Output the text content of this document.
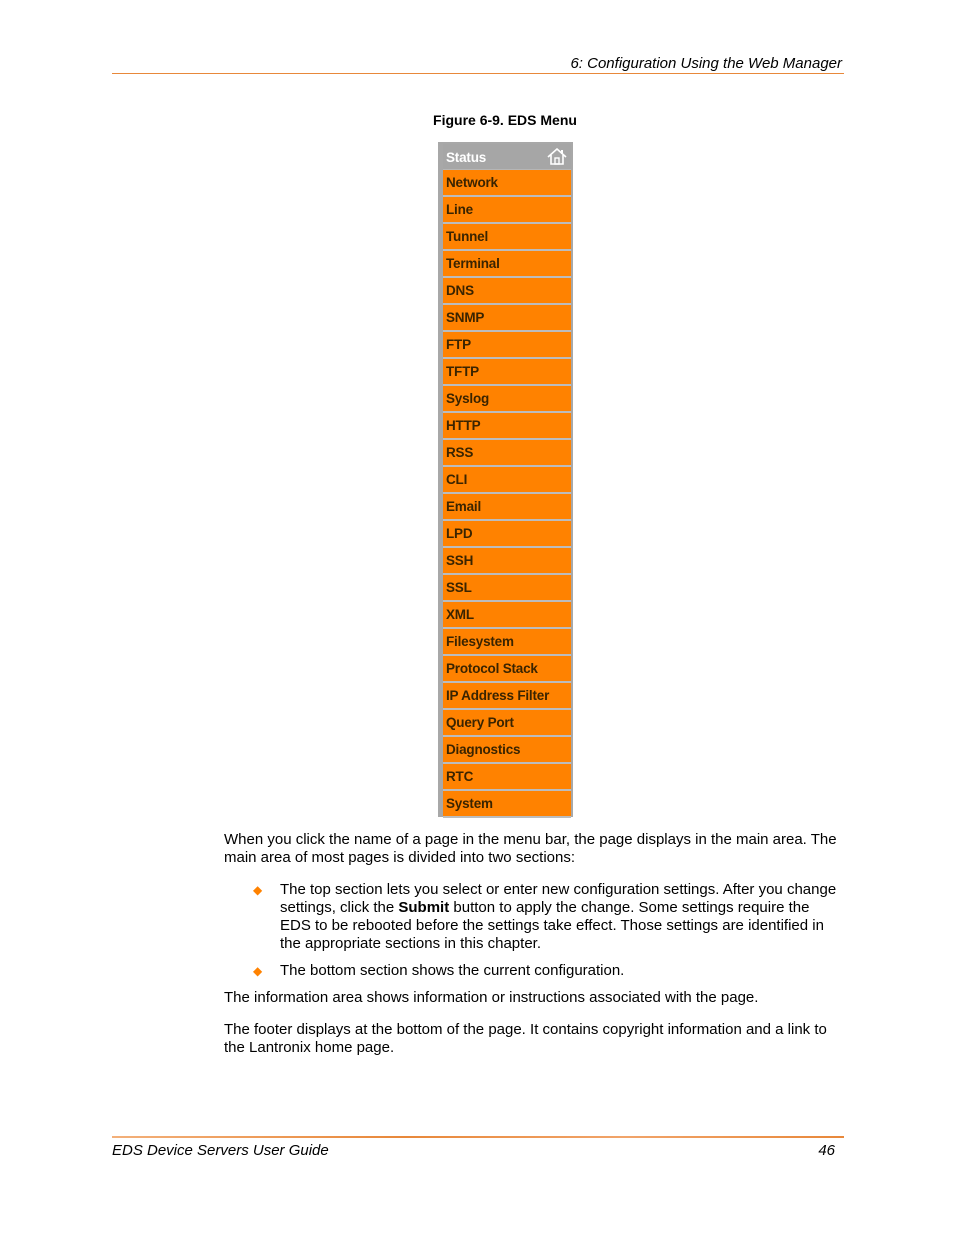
6: Configuration Using the Web Manager
Figure 6-9. EDS Menu
Status
Network
Line
Tunnel
Terminal
DNS
SNMP
FTP
TFTP
Syslog
HTTP
RSS
CLI
Email
LPD
SSH
SSL
XML
Filesystem
Protocol Stack
IP Address Filter
Query Port
Diagnostics
RTC
System
When you click the name of a page in the menu bar, the page displays in the main area. The main area of most pages is divided into two sections:
◆ The top section lets you select or enter new configuration settings. After you change settings, click the Submit button to apply the change. Some settings require the EDS to be rebooted before the settings take effect. Those settings are identified in the appropriate sections in this chapter.
◆ The bottom section shows the current configuration.
The information area shows information or instructions associated with the page.
The footer displays at the bottom of the page. It contains copyright information and a link to the Lantronix home page.
EDS Device Servers User Guide	46
